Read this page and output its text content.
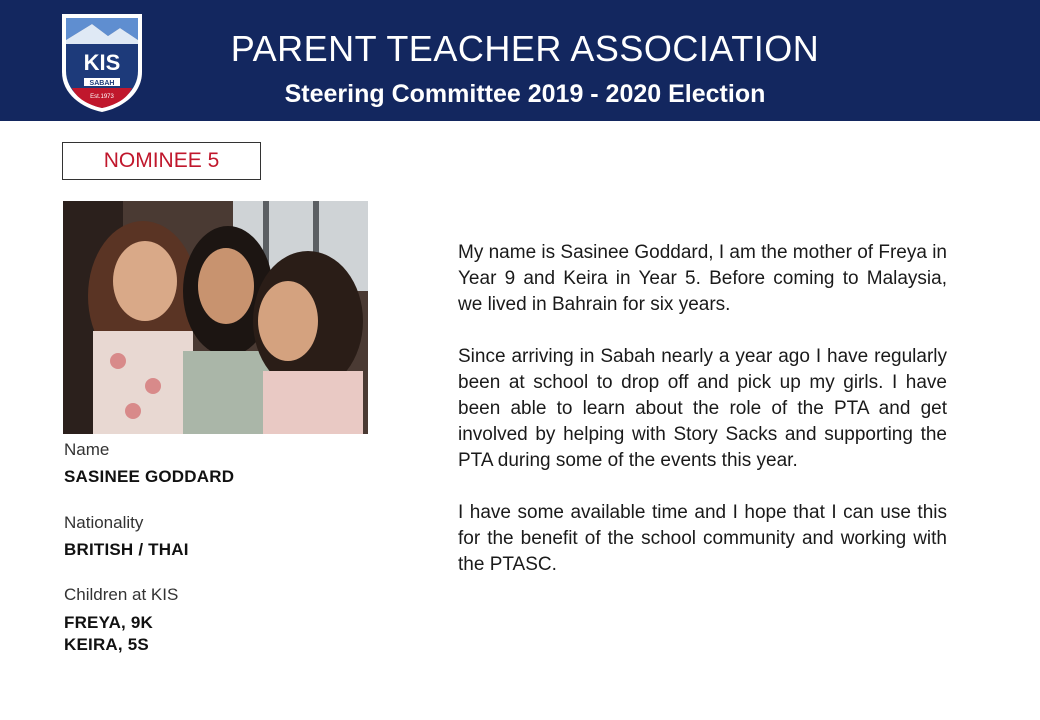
KIS
SABAH
Est.1973
PARENT TEACHER ASSOCIATION
Steering Committee 2019 - 2020 Election
NOMINEE 5
Name
SASINEE GODDARD
Nationality
BRITISH / THAI
Children at KIS
FREYA, 9K
KEIRA, 5S

My name is Sasinee Goddard, I am the mother of Freya in Year 9 and Keira in Year 5. Before coming to Malaysia, we lived in Bahrain for six years.

Since arriving in Sabah nearly a year ago I have regularly been at school to drop off and pick up my girls. I have been able to learn about the role of the PTA and get involved by helping with Story Sacks and supporting the PTA during some of the events this year.

I have some available time and I hope that I can use this for the benefit of the school community and working with the PTASC.
